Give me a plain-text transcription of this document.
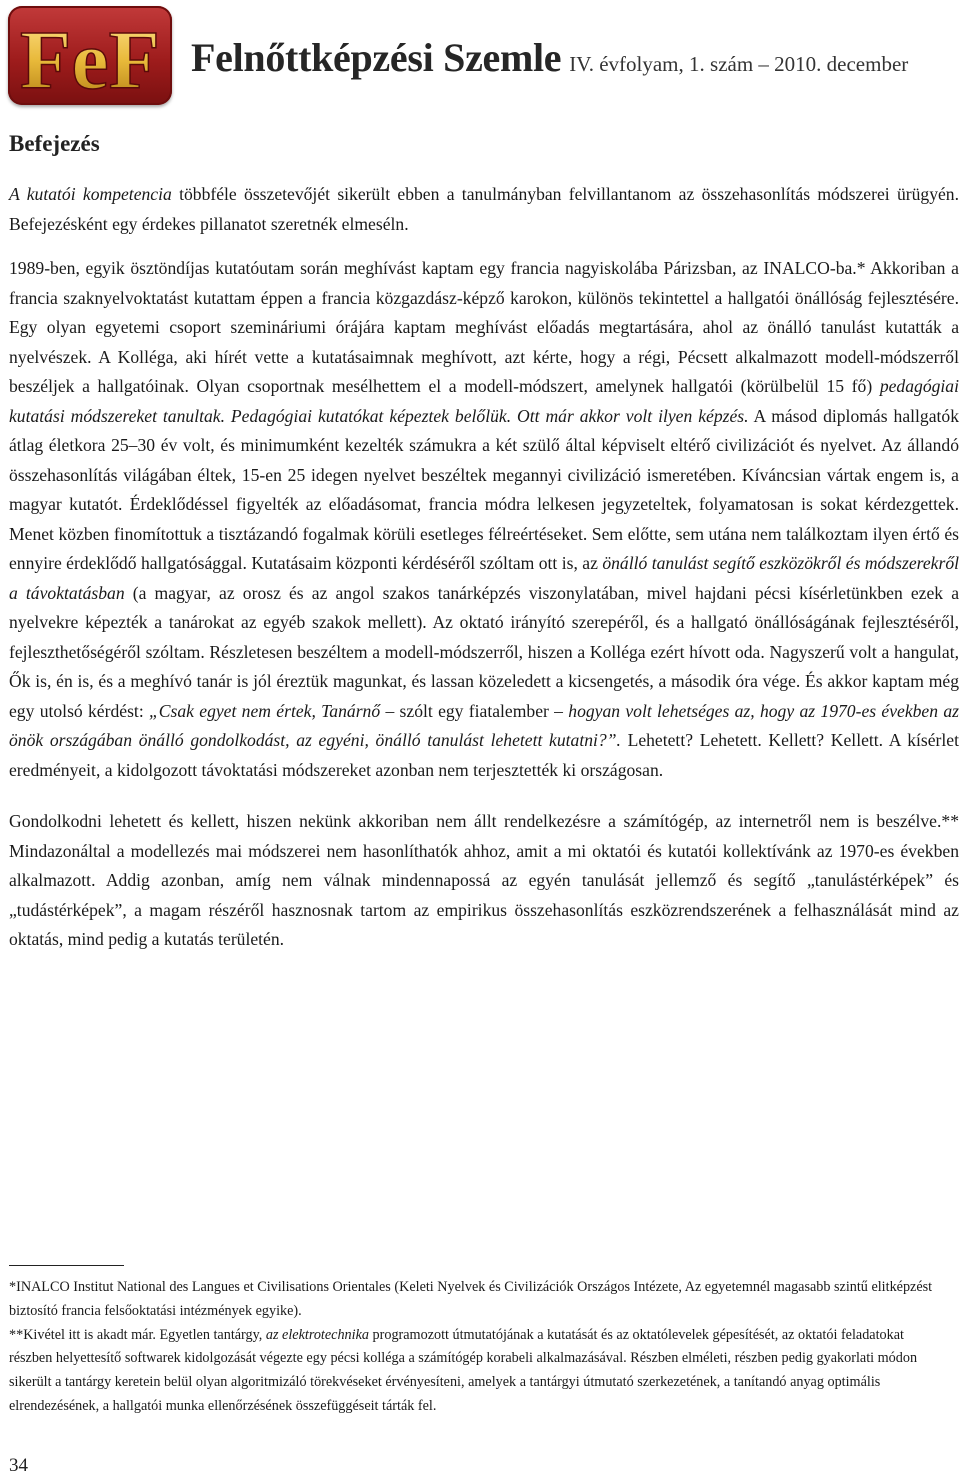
FeF Felnőttképzési Szemle IV. évfolyam, 1. szám – 2010. december
Befejezés

A kutatói kompetencia többféle összetevőjét sikerült ebben a tanulmányban felvillantanom az összehasonlítás módszerei ürügyén. Befejezésként egy érdekes pillanatot szeretnék elmeséln.

1989-ben, egyik ösztöndíjas kutatóutam során meghívást kaptam egy francia nagyiskolába Párizsban, az INALCO-ba.* Akkoriban a francia szaknyelvoktatást kutattam éppen a francia közgazdász-képző karokon, különös tekintettel a hallgatói önállóság fejlesztésére. Egy olyan egyetemi csoport szemináriumi órájára kaptam meghívást előadás megtartására, ahol az önálló tanulást kutatták a nyelvészek. A Kolléga, aki hírét vette a kutatásaimnak meghívott, azt kérte, hogy a régi, Pécsett alkalmazott modell-módszerről beszéljek a hallgatóinak. Olyan csoportnak mesélhettem el a modell-módszert, amelynek hallgatói (körülbelül 15 fő) pedagógiai kutatási módszereket tanultak. Pedagógiai kutatókat képeztek belőlük. Ott már akkor volt ilyen képzés. A másod diplomás hallgatók átlag életkora 25–30 év volt, és minimumként kezelték számukra a két szülő által képviselt eltérő civilizációt és nyelvet. Az állandó összehasonlítás világában éltek, 15-en 25 idegen nyelvet beszéltek megannyi civilizáció ismeretében. Kíváncsian vártak engem is, a magyar kutatót. Érdeklődéssel figyelték az előadásomat, francia módra lelkesen jegyzeteltek, folyamatosan is sokat kérdezgettek. Menet közben finomítottuk a tisztázandó fogalmak körüli esetleges félreértéseket. Sem előtte, sem utána nem találkoztam ilyen értő és ennyire érdeklődő hallgatósággal. Kutatásaim központi kérdéséről szóltam ott is, az önálló tanulást segítő eszközökről és módszerekről a távoktatásban (a magyar, az orosz és az angol szakos tanárképzés viszonylatában, mivel hajdani pécsi kísérletünkben ezek a nyelvekre képezték a tanárokat az egyéb szakok mellett). Az oktató irányító szerepéről, és a hallgató önállóságának fejlesztéséről, fejleszthetőségéről szóltam. Részletesen beszéltem a modell-módszerről, hiszen a Kolléga ezért hívott oda. Nagyszerű volt a hangulat, Ők is, én is, és a meghívó tanár is jól éreztük magunkat, és lassan közeledett a kicsengetés, a második óra vége. És akkor kaptam még egy utolsó kérdést: „Csak egyet nem értek, Tanárnő – szólt egy fiatalember – hogyan volt lehetséges az, hogy az 1970-es években az önök országában önálló gondolkodást, az egyéni, önálló tanulást lehetett kutatni?”. Lehetett? Lehetett. Kellett? Kellett. A kísérlet eredményeit, a kidolgozott távoktatási módszereket azonban nem terjesztették ki országosan.

Gondolkodni lehetett és kellett, hiszen nekünk akkoriban nem állt rendelkezésre a számítógép, az internetről nem is beszélve.** Mindazonáltal a modellezés mai módszerei nem hasonlíthatók ahhoz, amit a mi oktatói és kutatói kollektívánk az 1970-es években alkalmazott. Addig azonban, amíg nem válnak mindennapossá az egyén tanulását jellemző és segítő „tanulástérképek” és „tudástérképek”, a magam részéről hasznosnak tartom az empirikus összehasonlítás eszközrendszerének a felhasználását mind az oktatás, mind pedig a kutatás területén.

*INALCO Institut National des Langues et Civilisations Orientales (Keleti Nyelvek és Civilizációk Országos Intézete, Az egyetemnél magasabb szintű elitképzést biztosító francia felsőoktatási intézmények egyike).

**Kivétel itt is akadt már. Egyetlen tantárgy, az elektrotechnika programozott útmutatójának a kutatását és az oktatólevelek gépesítését, az oktatói feladatokat részben helyettesítő softwarek kidolgozását végezte egy pécsi kolléga a számítógép korabeli alkalmazásával. Részben elméleti, részben pedig gyakorlati módon sikerült a tantárgy keretein belül olyan algoritmizáló törekvéseket érvényesíteni, amelyek a tantárgyi útmutató szerkezetének, a tanítandó anyag optimális elrendezésének, a hallgatói munka ellenőrzésének összefüggéseit tárták fel.

34
